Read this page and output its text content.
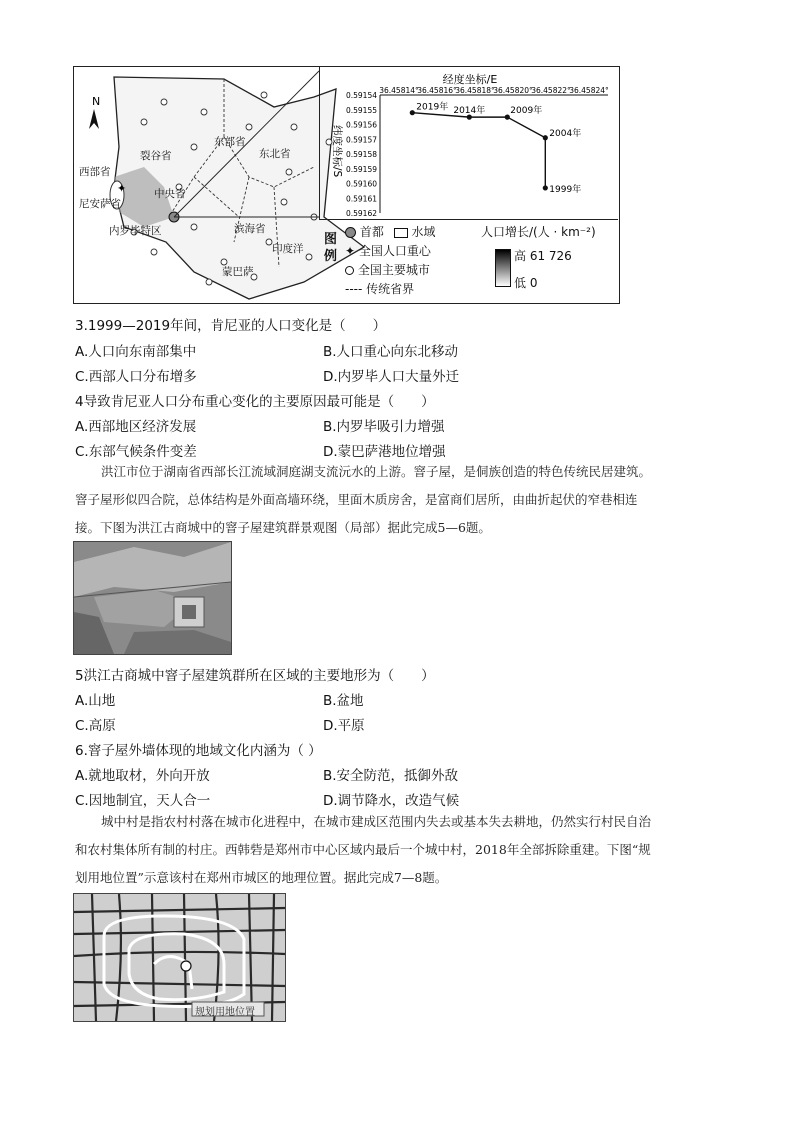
N
✦
西部省
裂谷省
东部省
东北省
尼安萨省
中央省
内罗毕特区	滨海省
蒙巴萨
印度洋
经度坐标/E
纬度坐标/S
36.45814°
36.45816°
36.45818°
36.45820°
36.45822°
36.45824°
0.59154
0.59155
0.59156
0.59157
0.59158
0.59159
0.59160
0.59161
0.59162
2019年 2014年	2009年
2004年
1999年
图例
首都 水域
✦ 全国人口重心
全国主要城市
---- 传统省界
人口增长/(人 · km⁻²)
高 61 726
低 0
3.1999—2019年间，肯尼亚的人口变化是（　　）
A.人口向东南部集中	B.人口重心向东北移动
C.西部人口分布增多	D.内罗毕人口大量外迁
4导致肯尼亚人口分布重心变化的主要原因最可能是（　　）
A.西部地区经济发展	B.内罗毕吸引力增强
C.东部气候条件变差	D.蒙巴萨港地位增强

洪江市位于湖南省西部长江流域洞庭湖支流沅水的上游。窨子屋，是侗族创造的特色传统民居建筑。

窨子屋形似四合院，总体结构是外面高墙环绕，里面木质房舍，是富商们居所，由曲折起伏的窄巷相连

接。下图为洪江古商城中的窨子屋建筑群景观图（局部）据此完成5—6题。

5洪江古商城中窨子屋建筑群所在区域的主要地形为（　　）
A.山地	B.盆地
C.高原	D.平原
6.窨子屋外墙体现的地域文化内涵为（ ）
A.就地取材，外向开放	B.安全防范，抵御外敌
C.因地制宜，天人合一	D.调节降水，改造气候

城中村是指农村村落在城市化进程中，在城市建成区范围内失去或基本失去耕地，仍然实行村民自治

和农村集体所有制的村庄。西韩砦是郑州市中心区域内最后一个城中村，2018年全部拆除重建。下图“规

划用地位置”示意该村在郑州市城区的地理位置。据此完成7—8题。

规划用地位置
